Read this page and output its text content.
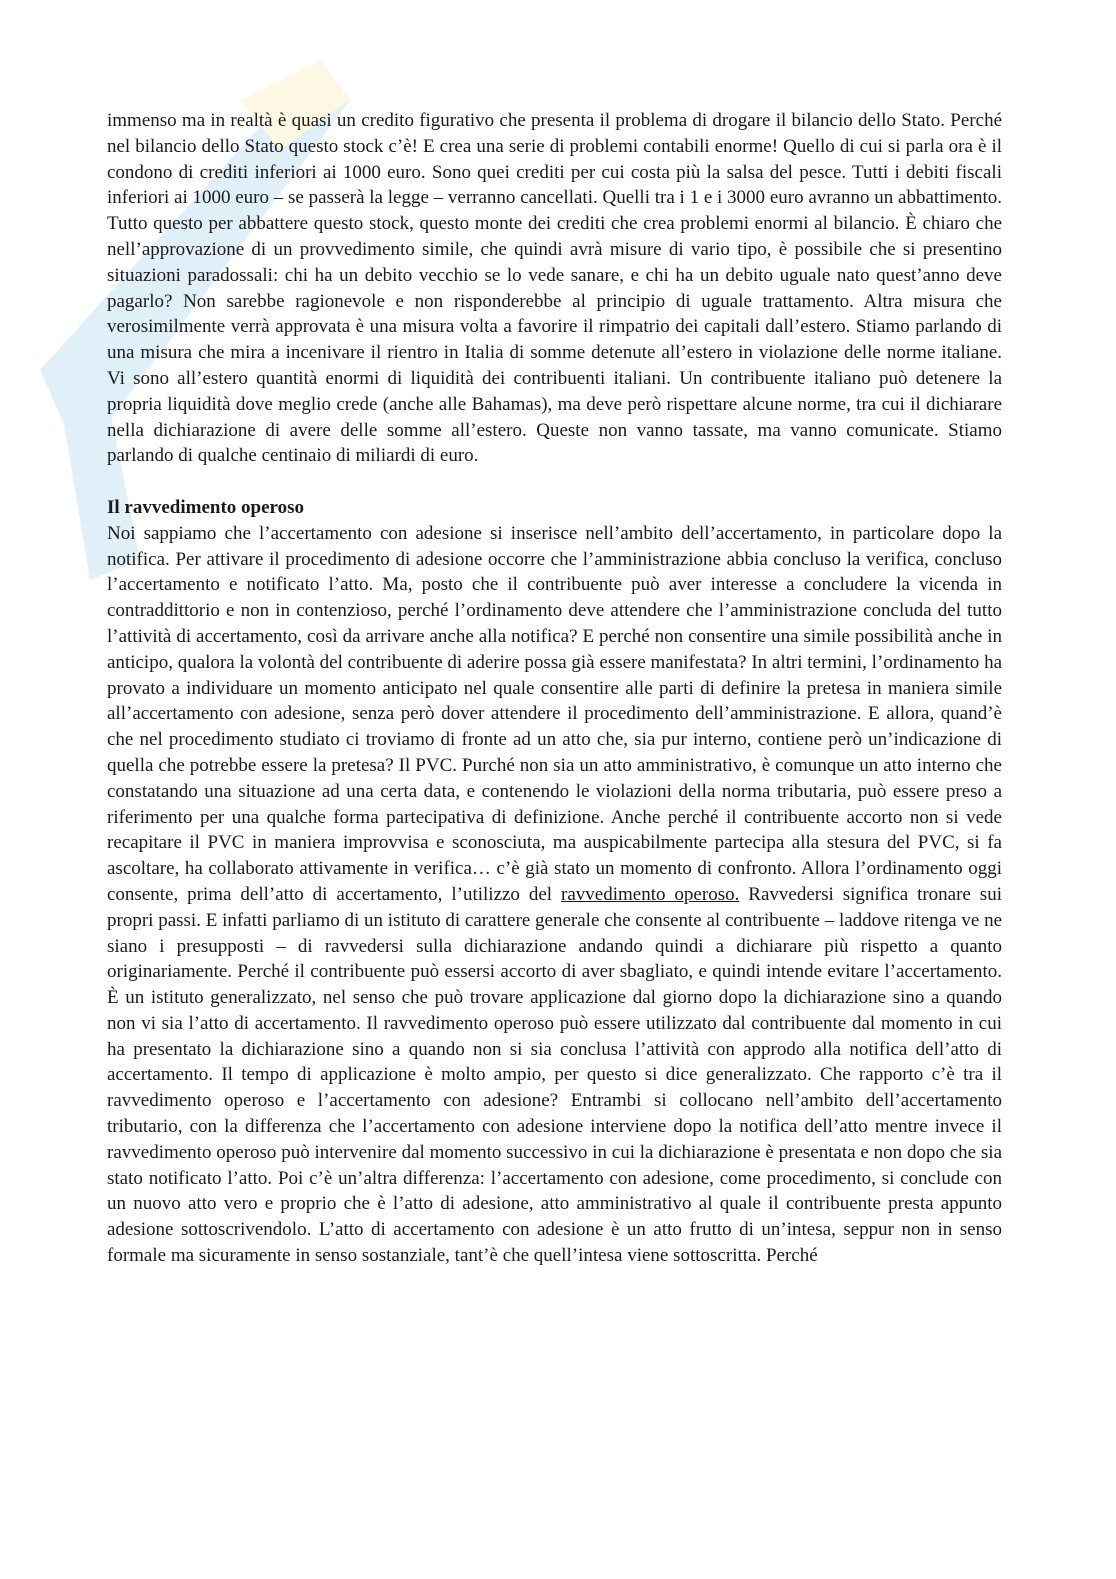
immenso ma in realtà è quasi un credito figurativo che presenta il problema di drogare il bilancio dello Stato. Perché nel bilancio dello Stato questo stock c’è! E crea una serie di problemi contabili enorme! Quello di cui si parla ora è il condono di crediti inferiori ai 1000 euro. Sono quei crediti per cui costa più la salsa del pesce. Tutti i debiti fiscali inferiori ai 1000 euro – se passerà la legge – verranno cancellati. Quelli tra i 1 e i 3000 euro avranno un abbattimento. Tutto questo per abbattere questo stock, questo monte dei crediti che crea problemi enormi al bilancio. È chiaro che nell’approvazione di un provvedimento simile, che quindi avrà misure di vario tipo, è possibile che si presentino situazioni paradossali: chi ha un debito vecchio se lo vede sanare, e chi ha un debito uguale nato quest’anno deve pagarlo? Non sarebbe ragionevole e non risponderebbe al principio di uguale trattamento. Altra misura che verosimilmente verrà approvata è una misura volta a favorire il rimpatrio dei capitali dall’estero. Stiamo parlando di una misura che mira a incenivare il rientro in Italia di somme detenute all’estero in violazione delle norme italiane. Vi sono all’estero quantità enormi di liquidità dei contribuenti italiani. Un contribuente italiano può detenere la propria liquidità dove meglio crede (anche alle Bahamas), ma deve però rispettare alcune norme, tra cui il dichiarare nella dichiarazione di avere delle somme all’estero. Queste non vanno tassate, ma vanno comunicate. Stiamo parlando di qualche centinaio di miliardi di euro.

Il ravvedimento operoso

Noi sappiamo che l’accertamento con adesione si inserisce nell’ambito dell’accertamento, in particolare dopo la notifica. Per attivare il procedimento di adesione occorre che l’amministrazione abbia concluso la verifica, concluso l’accertamento e notificato l’atto. Ma, posto che il contribuente può aver interesse a concludere la vicenda in contraddittorio e non in contenzioso, perché l’ordinamento deve attendere che l’amministrazione concluda del tutto l’attività di accertamento, così da arrivare anche alla notifica? E perché non consentire una simile possibilità anche in anticipo, qualora la volontà del contribuente di aderire possa già essere manifestata? In altri termini, l’ordinamento ha provato a individuare un momento anticipato nel quale consentire alle parti di definire la pretesa in maniera simile all’accertamento con adesione, senza però dover attendere il procedimento dell’amministrazione. E allora, quand’è che nel procedimento studiato ci troviamo di fronte ad un atto che, sia pur interno, contiene però un’indicazione di quella che potrebbe essere la pretesa? Il PVC. Purché non sia un atto amministrativo, è comunque un atto interno che constatando una situazione ad una certa data, e contenendo le violazioni della norma tributaria, può essere preso a riferimento per una qualche forma partecipativa di definizione. Anche perché il contribuente accorto non si vede recapitare il PVC in maniera improvvisa e sconosciuta, ma auspicabilmente partecipa alla stesura del PVC, si fa ascoltare, ha collaborato attivamente in verifica… c’è già stato un momento di confronto. Allora l’ordinamento oggi consente, prima dell’atto di accertamento, l’utilizzo del ravvedimento operoso. Ravvedersi significa tronare sui propri passi. E infatti parliamo di un istituto di carattere generale che consente al contribuente – laddove ritenga ve ne siano i presupposti – di ravvedersi sulla dichiarazione andando quindi a dichiarare più rispetto a quanto originariamente. Perché il contribuente può essersi accorto di aver sbagliato, e quindi intende evitare l’accertamento. È un istituto generalizzato, nel senso che può trovare applicazione dal giorno dopo la dichiarazione sino a quando non vi sia l’atto di accertamento. Il ravvedimento operoso può essere utilizzato dal contribuente dal momento in cui ha presentato la dichiarazione sino a quando non si sia conclusa l’attività con approdo alla notifica dell’atto di accertamento. Il tempo di applicazione è molto ampio, per questo si dice generalizzato. Che rapporto c’è tra il ravvedimento operoso e l’accertamento con adesione? Entrambi si collocano nell’ambito dell’accertamento tributario, con la differenza che l’accertamento con adesione interviene dopo la notifica dell’atto mentre invece il ravvedimento operoso può intervenire dal momento successivo in cui la dichiarazione è presentata e non dopo che sia stato notificato l’atto. Poi c’è un’altra differenza: l’accertamento con adesione, come procedimento, si conclude con un nuovo atto vero e proprio che è l’atto di adesione, atto amministrativo al quale il contribuente presta appunto adesione sottoscrivendolo. L’atto di accertamento con adesione è un atto frutto di un’intesa, seppur non in senso formale ma sicuramente in senso sostanziale, tant’è che quell’intesa viene sottoscritta. Perché
